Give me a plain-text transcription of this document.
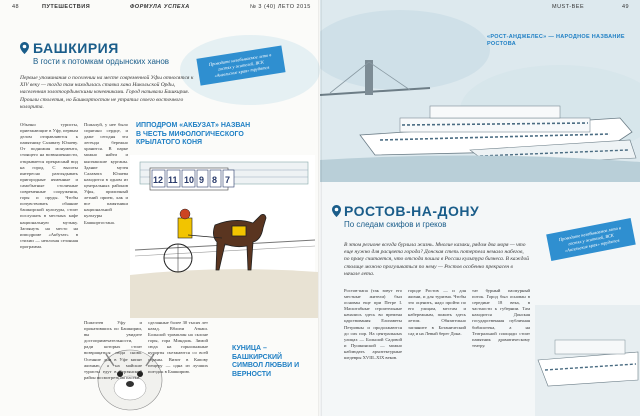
12 11 10 9 8 7
48	ПУТЕШЕСТВИЯ	ФОРМУЛА УСПЕХА	№ 3 (40) ЛЕТО 2015
БАШКИРИЯ
В гости к потомкам ордынских ханов	Проводите незабываемое лето в гостях у жителей, ВСК «Ангельские края» трудятся
Первые упоминания о поселении на месте современной Уфы относятся к XIV веку — тогда там находилась ставка хана Никольской Орды, населенная золотоордынскими кочевниками. Город называли Башкирия. Прошли столетия, но Башкортостан не утратил своего восточного колорита.
Обычно туристы, приезжающие в Уфу, первым делом отправляются к памятнику Салавату Юлаеву. От подножия монумента, стоящего на возвышенности, открывается прекрасный вид на город. С высоты интересно разглядывать пригородные ячменные и самобытные столичные современные сооружения, горы и пруды. Чтобы почувствовать обаяние башкирской культуры, стоит послушать в местных кафе национальную музыку. Заглянуть на место на ипподроме «Акбузат» в стихии — неплохая сезонная программа.
Пожалуй, у нее было спрятано сердце, и даже сегодня эта легенда бережно хранится. В парке можно найти и кыпчакские курганы. Здание музея Салавата Юлаева находится в одном из центральных районов Уфы, приличный летний прием, как и все памятники национальной культуры Башкортостана.
Пожелтев Уфу и прокатившись по Башкирии, вы увидите достопримечательности, ради которых стоит возвращаться сюда снова. Осенние дни в Уфе кипят жизнью, а на майские туристы едут в Бурзянский район посмотреть на пасеки.
сделанные более 30 тысяч лет назад. Вблизи Аткаш. Большой трамплин на склоне горы, гора Миндаль. Зимой сюда на горнолыжные курорты съезжаются со всей страны. Визит в Капову пещеру — одна из лучших поездок в Башкирию.
ИППОДРОМ «АКБУЗАТ» НАЗВАН В ЧЕСТЬ МИФОЛОГИЧЕСКОГО КРЫЛАТОГО КОНЯ
КУНИЦА – БАШКИРСКИЙ СИМВОЛ ЛЮБВИ И ВЕРНОСТИ
MUST-BEE	49
«РОСТ-АНДЖЕЛЕС» — НАРОДНОЕ НАЗВАНИЕ РОСТОВА
Проводите незабываемое лето в гостях у жителей, ВСК «Ангельские края» трудятся
РОСТОВ-НА-ДОНУ
По следам скифов и греков
В этом регионе всегда бурлила жизнь. Многие казаки, рядом два моря — что еще нужно для расцвета города? Донская степь потерпела немало набегов, по праву считается, что отсюда пошла в России культура бизнеса. В каждой столице можно прогуливаться по нему — Ростов особенно прекрасен в начале лета.
Ростов-папа (так зовут его местные жители) был основан еще при Петре I. Масштабные строительные начались здесь во времена царствования Елизаветы Петровны и продолжаются до сих пор. На центральных улицах — Большой Садовой и Пушкинской — можно наблюдать архитектурные шедевры XVIII–XIX веков.
городе Ростов — и для жизни, и для туризма. Чтобы это оценить, надо пройти по его улицам, местам и набережным, пожить здесь летом. Обязательно загляните в Ботанический сад и на Левый берег Дона.
тат бурный пасмурный поток. Город был основан в середине 18 века, в частности к губернии. Там находится Донская государственная публичная библиотека, а на Театральной площади стоит памятник драматическому театру.
